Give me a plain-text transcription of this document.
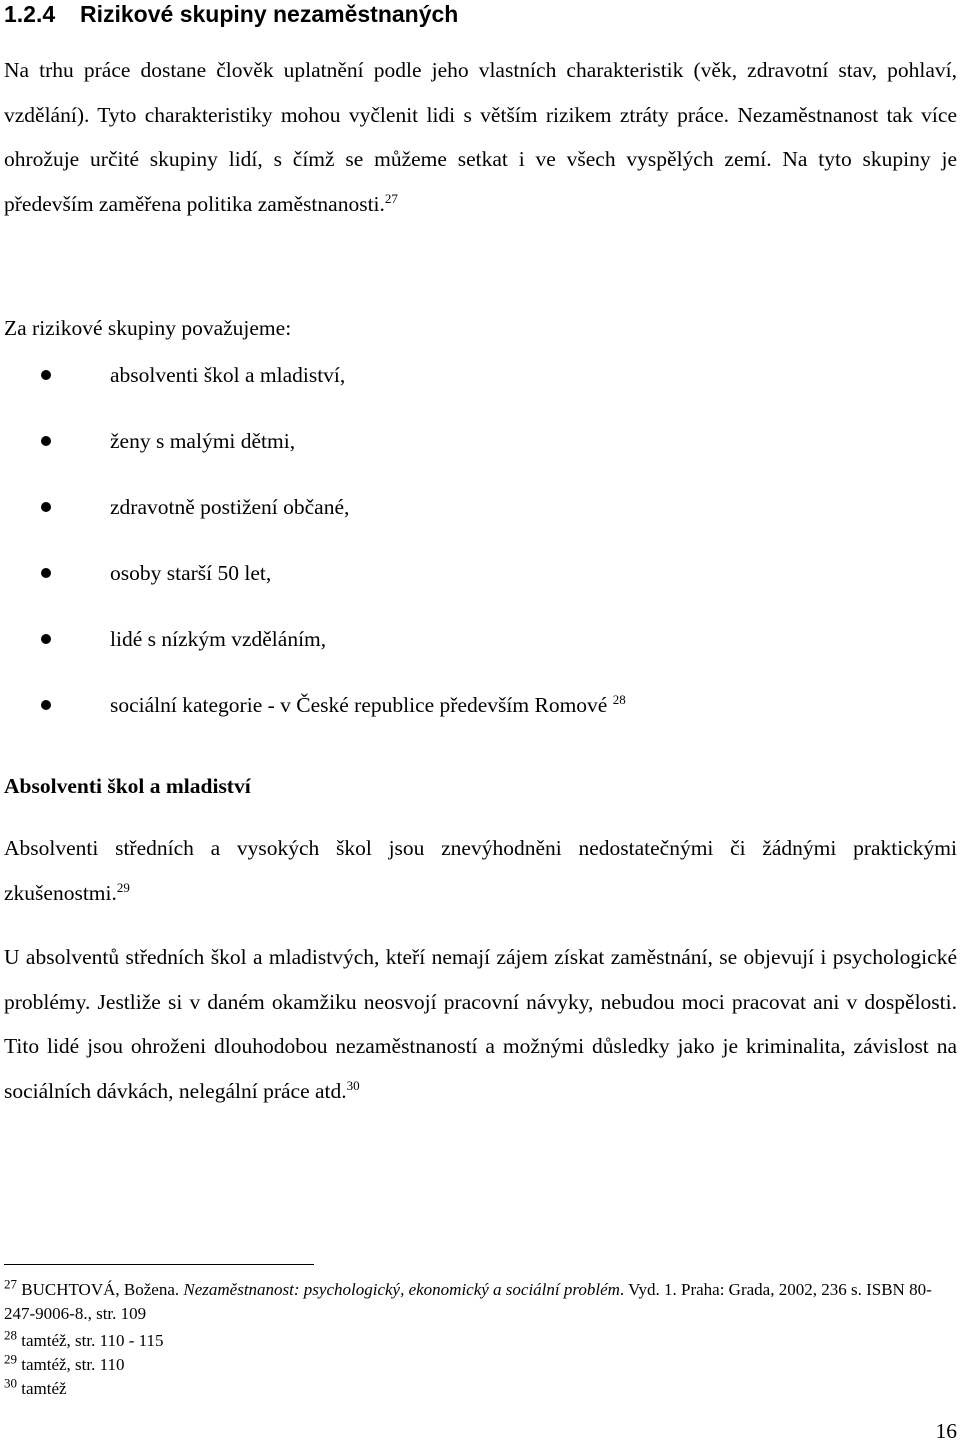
1.2.4 Rizikové skupiny nezaměstnaných
Na trhu práce dostane člověk uplatnění podle jeho vlastních charakteristik (věk, zdravotní stav, pohlaví, vzdělání). Tyto charakteristiky mohou vyčlenit lidi s větším rizikem ztráty práce. Nezaměstnanost tak více ohrožuje určité skupiny lidí, s čímž se můžeme setkat i ve všech vyspělých zemí. Na tyto skupiny je především zaměřena politika zaměstnanosti.$^{27}$
Za rizikové skupiny považujeme:
absolventi škol a mladiství,
ženy s malými dětmi,
zdravotně postižení občané,
osoby starší 50 let,
lidé s nízkým vzděláním,
sociální kategorie - v České republice především Romové $^{28}$
Absolventi škol a mladiství
Absolventi středních a vysokých škol jsou znevýhodněni nedostatečnými či žádnými praktickými zkušenostmi.$^{29}$
U absolventů středních škol a mladistvých, kteří nemají zájem získat zaměstnání, se objevují i psychologické problémy. Jestliže si v daném okamžiku neosvojí pracovní návyky, nebudou moci pracovat ani v dospělosti. Tito lidé jsou ohroženi dlouhodobou nezaměstnaností a možnými důsledky jako je kriminalita, závislost na sociálních dávkách, nelegální práce atd.$^{30}$
$^{27}$ BUCHTOVÁ, Božena. Nezaměstnanost: psychologický, ekonomický a sociální problém. Vyd. 1. Praha: Grada, 2002, 236 s. ISBN 80-247-9006-8., str. 109
$^{28}$ tamtéž, str. 110 - 115
$^{29}$ tamtéž, str. 110
$^{30}$ tamtéž
16
